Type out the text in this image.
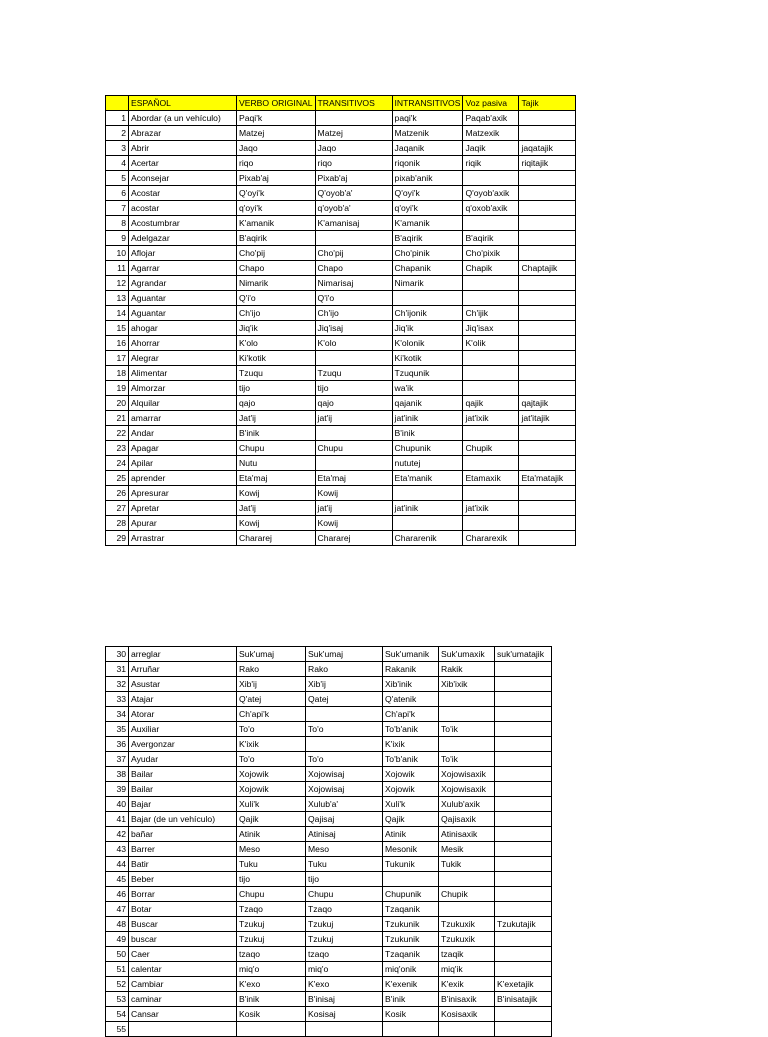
	ESPAÑOL	VERBO ORIGINAL	TRANSITIVOS	INTRANSITIVOS	Voz pasiva	Tajik
1	Abordar (a un vehículo)	Paqi'k		paqi'k	Paqab'axik	
2	Abrazar	Matzej	Matzej	Matzenik	Matzexik	
3	Abrir	Jaqo	Jaqo	Jaqanik	Jaqik	jaqatajik
4	Acertar	riqo	riqo	riqonik	riqik	riqitajik
5	Aconsejar	Pixab'aj	Pixab'aj	pixab'anik		
6	Acostar	Q'oyi'k	Q'oyob'a'	Q'oyi'k	Q'oyob'axik	
7	acostar	q'oyi'k	q'oyob'a'	q'oyi'k	q'oxob'axik	
8	Acostumbrar	K'amanik	K'amanisaj	K'amanik		
9	Adelgazar	B'aqirik		B'aqirik	B'aqirik	
10	Aflojar	Cho'pij	Cho'pij	Cho'pinik	Cho'pixik	
11	Agarrar	Chapo	Chapo	Chapanik	Chapik	Chaptajik
12	Agrandar	Nimarik	Nimarisaj	Nimarik		
13	Aguantar	Q'i'o	Q'i'o			
14	Aguantar	Ch'ijo	Ch'ijo	Ch'ijonik	Ch'ijik	
15	ahogar	Jiq'ik	Jiq'isaj	Jiq'ik	Jiq'isax	
16	Ahorrar	K'olo	K'olo	K'olonik	K'olik	
17	Alegrar	Ki'kotik		Ki'kotik		
18	Alimentar	Tzuqu	Tzuqu	Tzuqunik		
19	Almorzar	tijo	tijo	wa'ik		
20	Alquilar	qajo	qajo	qajanik	qajik	qajtajik
21	amarrar	Jat'ij	jat'ij	jat'inik	jat'ixik	jat'itajik
22	Andar	B'inik		B'inik		
23	Apagar	Chupu	Chupu	Chupunik	Chupik	
24	Apilar	Nutu		nututej		
25	aprender	Eta'maj	Eta'maj	Eta'manik	Etamaxik	Eta'matajik
26	Apresurar	Kowij	Kowij			
27	Apretar	Jat'ij	jat'ij	jat'inik	jat'ixik	
28	Apurar	Kowij	Kowij			
29	Arrastrar	Chararej	Chararej	Chararenik	Chararexik	
30	arreglar	Suk'umaj	Suk'umaj	Suk'umanik	Suk'umaxik	suk'umatajik
31	Arruñar	Rako	Rako	Rakanik	Rakik	
32	Asustar	Xib'ij	Xib'ij	Xib'inik	Xib'ixik	
33	Atajar	Q'atej	Qatej	Q'atenik		
34	Atorar	Ch'api'k		Ch'api'k		
35	Auxiliar	To'o	To'o	To'b'anik	To'ik	
36	Avergonzar	K'ixik		K'ixik		
37	Ayudar	To'o	To'o	To'b'anik	To'ik	
38	Bailar	Xojowik	Xojowisaj	Xojowik	Xojowisaxik	
39	Bailar	Xojowik	Xojowisaj	Xojowik	Xojowisaxik	
40	Bajar	Xuli'k	Xulub'a'	Xuli'k	Xulub'axik	
41	Bajar (de un vehículo)	Qajik	Qajisaj	Qajik	Qajisaxik	
42	bañar	Atinik	Atinisaj	Atinik	Atinisaxik	
43	Barrer	Meso	Meso	Mesonik	Mesik	
44	Batir	Tuku	Tuku	Tukunik	Tukik	
45	Beber	tijo	tijo			
46	Borrar	Chupu	Chupu	Chupunik	Chupik	
47	Botar	Tzaqo	Tzaqo	Tzaqanik		
48	Buscar	Tzukuj	Tzukuj	Tzukunik	Tzukuxik	Tzukutajik
49	buscar	Tzukuj	Tzukuj	Tzukunik	Tzukuxik	
50	Caer	tzaqo	tzaqo	Tzaqanik	tzaqik	
51	calentar	miq'o	miq'o	miq'onik	miq'ik	
52	Cambiar	K'exo	K'exo	K'exenik	K'exik	K'exetajik
53	caminar	B'inik	B'inisaj	B'inik	B'inisaxik	B'inisatajik
54	Cansar	Kosik	Kosisaj	Kosik	Kosisaxik	
55						
